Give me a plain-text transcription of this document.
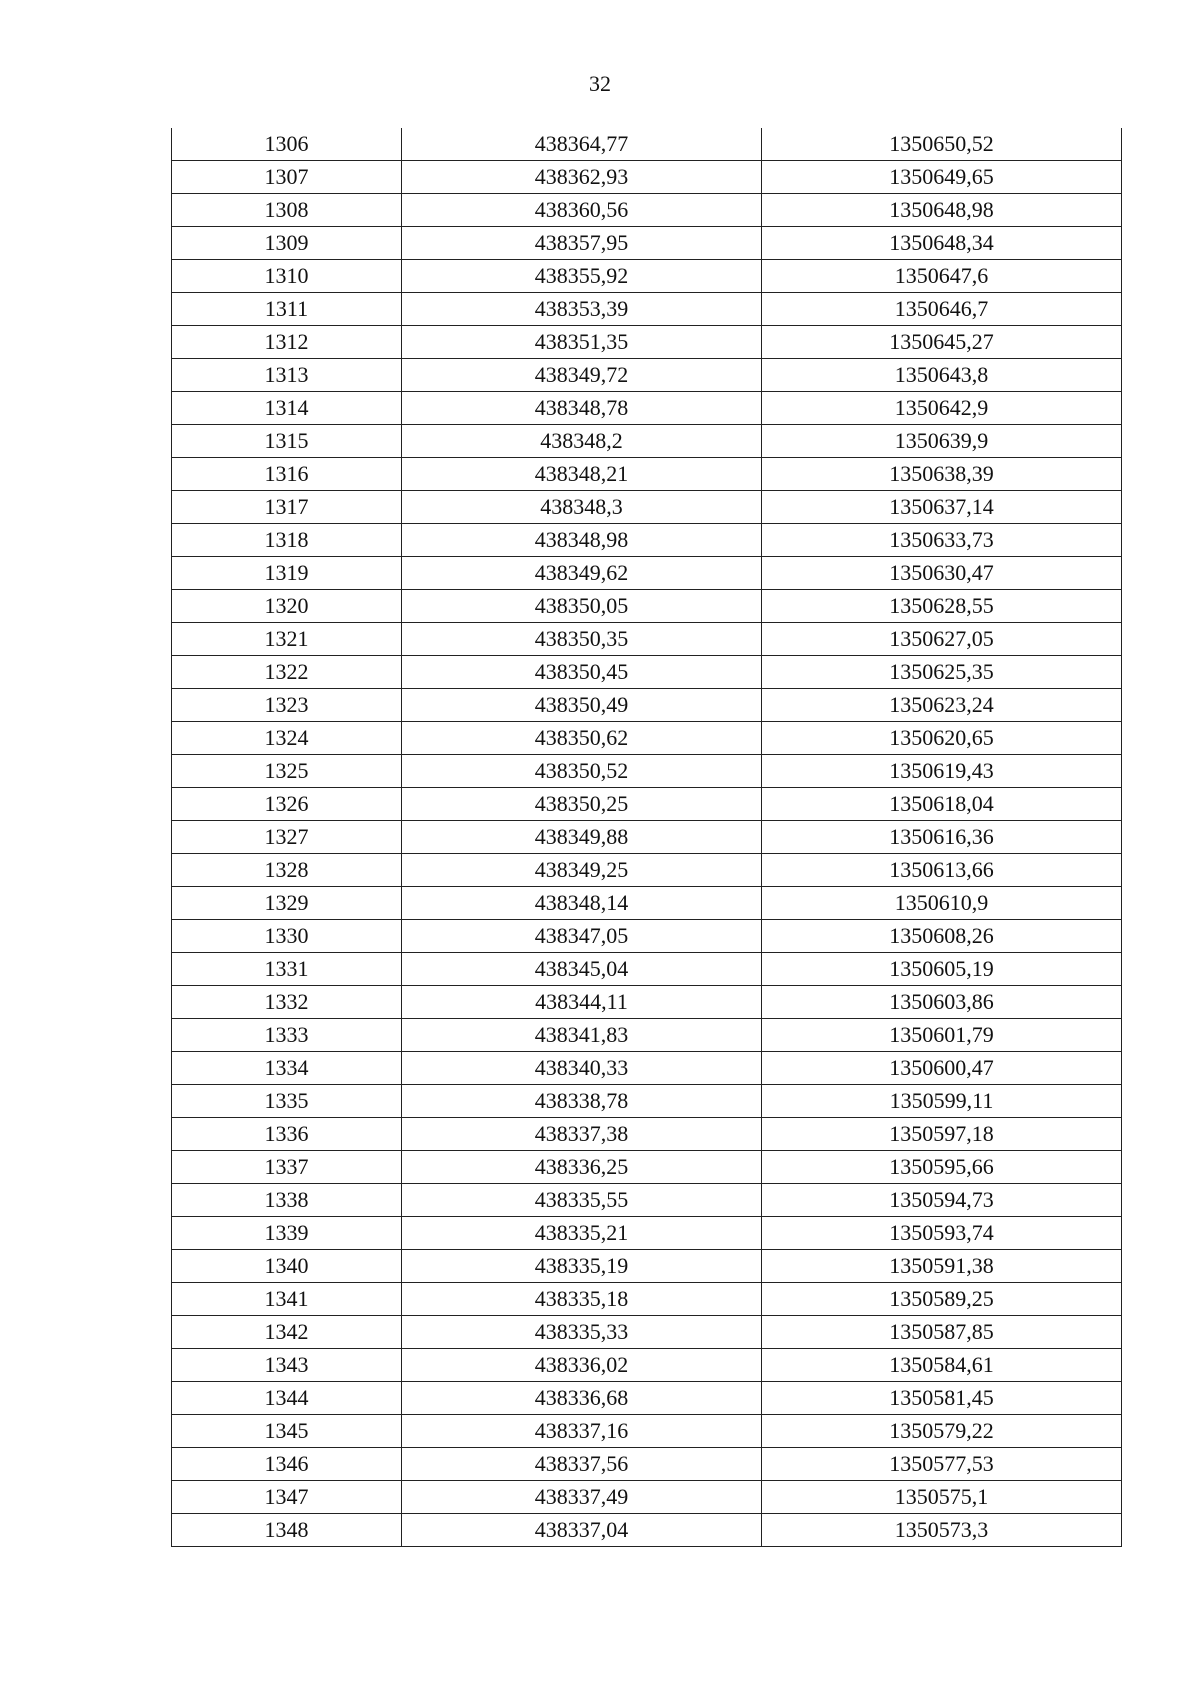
32
1306	438364,77	1350650,52
1307	438362,93	1350649,65
1308	438360,56	1350648,98
1309	438357,95	1350648,34
1310	438355,92	1350647,6
1311	438353,39	1350646,7
1312	438351,35	1350645,27
1313	438349,72	1350643,8
1314	438348,78	1350642,9
1315	438348,2	1350639,9
1316	438348,21	1350638,39
1317	438348,3	1350637,14
1318	438348,98	1350633,73
1319	438349,62	1350630,47
1320	438350,05	1350628,55
1321	438350,35	1350627,05
1322	438350,45	1350625,35
1323	438350,49	1350623,24
1324	438350,62	1350620,65
1325	438350,52	1350619,43
1326	438350,25	1350618,04
1327	438349,88	1350616,36
1328	438349,25	1350613,66
1329	438348,14	1350610,9
1330	438347,05	1350608,26
1331	438345,04	1350605,19
1332	438344,11	1350603,86
1333	438341,83	1350601,79
1334	438340,33	1350600,47
1335	438338,78	1350599,11
1336	438337,38	1350597,18
1337	438336,25	1350595,66
1338	438335,55	1350594,73
1339	438335,21	1350593,74
1340	438335,19	1350591,38
1341	438335,18	1350589,25
1342	438335,33	1350587,85
1343	438336,02	1350584,61
1344	438336,68	1350581,45
1345	438337,16	1350579,22
1346	438337,56	1350577,53
1347	438337,49	1350575,1
1348	438337,04	1350573,3
